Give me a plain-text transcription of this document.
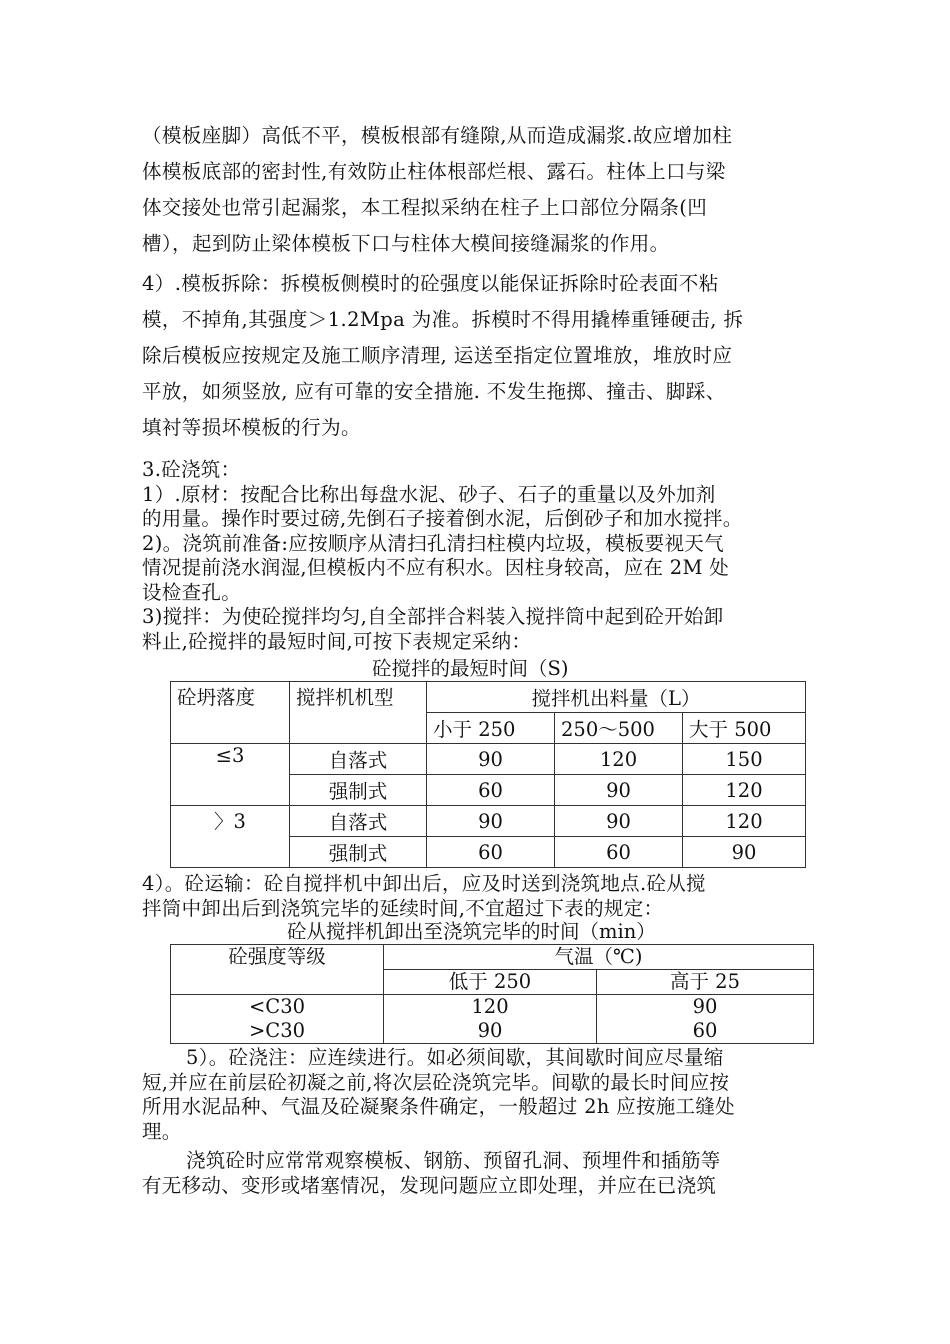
（模板座脚）高低不平，模板根部有缝隙,从而造成漏浆.故应增加柱
体模板底部的密封性,有效防止柱体根部烂根、露石。柱体上口与梁
体交接处也常引起漏浆，本工程拟采纳在柱子上口部位分隔条(凹
槽），起到防止梁体模板下口与柱体大模间接缝漏浆的作用。
4）.模板拆除：拆模板侧模时的砼强度以能保证拆除时砼表面不粘
模，不掉角,其强度＞1.2Mpa 为准。拆模时不得用撬棒重锤硬击, 拆
除后模板应按规定及施工顺序清理, 运送至指定位置堆放，堆放时应
平放，如须竖放, 应有可靠的安全措施. 不发生拖掷、撞击、脚踩、
填衬等损坏模板的行为。
3.砼浇筑：
1）.原材：按配合比称出每盘水泥、砂子、石子的重量以及外加剂
的用量。操作时要过磅,先倒石子接着倒水泥，后倒砂子和加水搅拌。
2)。浇筑前准备:应按顺序从清扫孔清扫柱模内垃圾，模板要视天气
情况提前浇水润湿,但模板内不应有积水。因柱身较高，应在 2M 处
设检查孔。
3)搅拌：为使砼搅拌均匀,自全部拌合料装入搅拌筒中起到砼开始卸
料止,砼搅拌的最短时间,可按下表规定采纳：
砼搅拌的最短时间（S)
砼坍落度	搅拌机机型	搅拌机出料量（L）		
		小于 250	250～500	大于 500
≤3	自落式	90	120	150
	强制式	60	90	120
〉3	自落式	90	90	120
	强制式	60	60	90
4）。砼运输：砼自搅拌机中卸出后，应及时送到浇筑地点.砼从搅
拌筒中卸出后到浇筑完毕的延续时间,不宜超过下表的规定：
砼从搅拌机卸出至浇筑完毕的时间（min）
砼强度等级	气温（℃)	
	低于 250	高于 25
<C30	120	90
>C30	90	60
5）。砼浇注：应连续进行。如必须间歇，其间歇时间应尽量缩
短,并应在前层砼初凝之前,将次层砼浇筑完毕。间歇的最长时间应按
所用水泥品种、气温及砼凝聚条件确定，一般超过 2h 应按施工缝处
理。
浇筑砼时应常常观察模板、钢筋、预留孔洞、预埋件和插筋等
有无移动、变形或堵塞情况，发现问题应立即处理，并应在已浇筑
